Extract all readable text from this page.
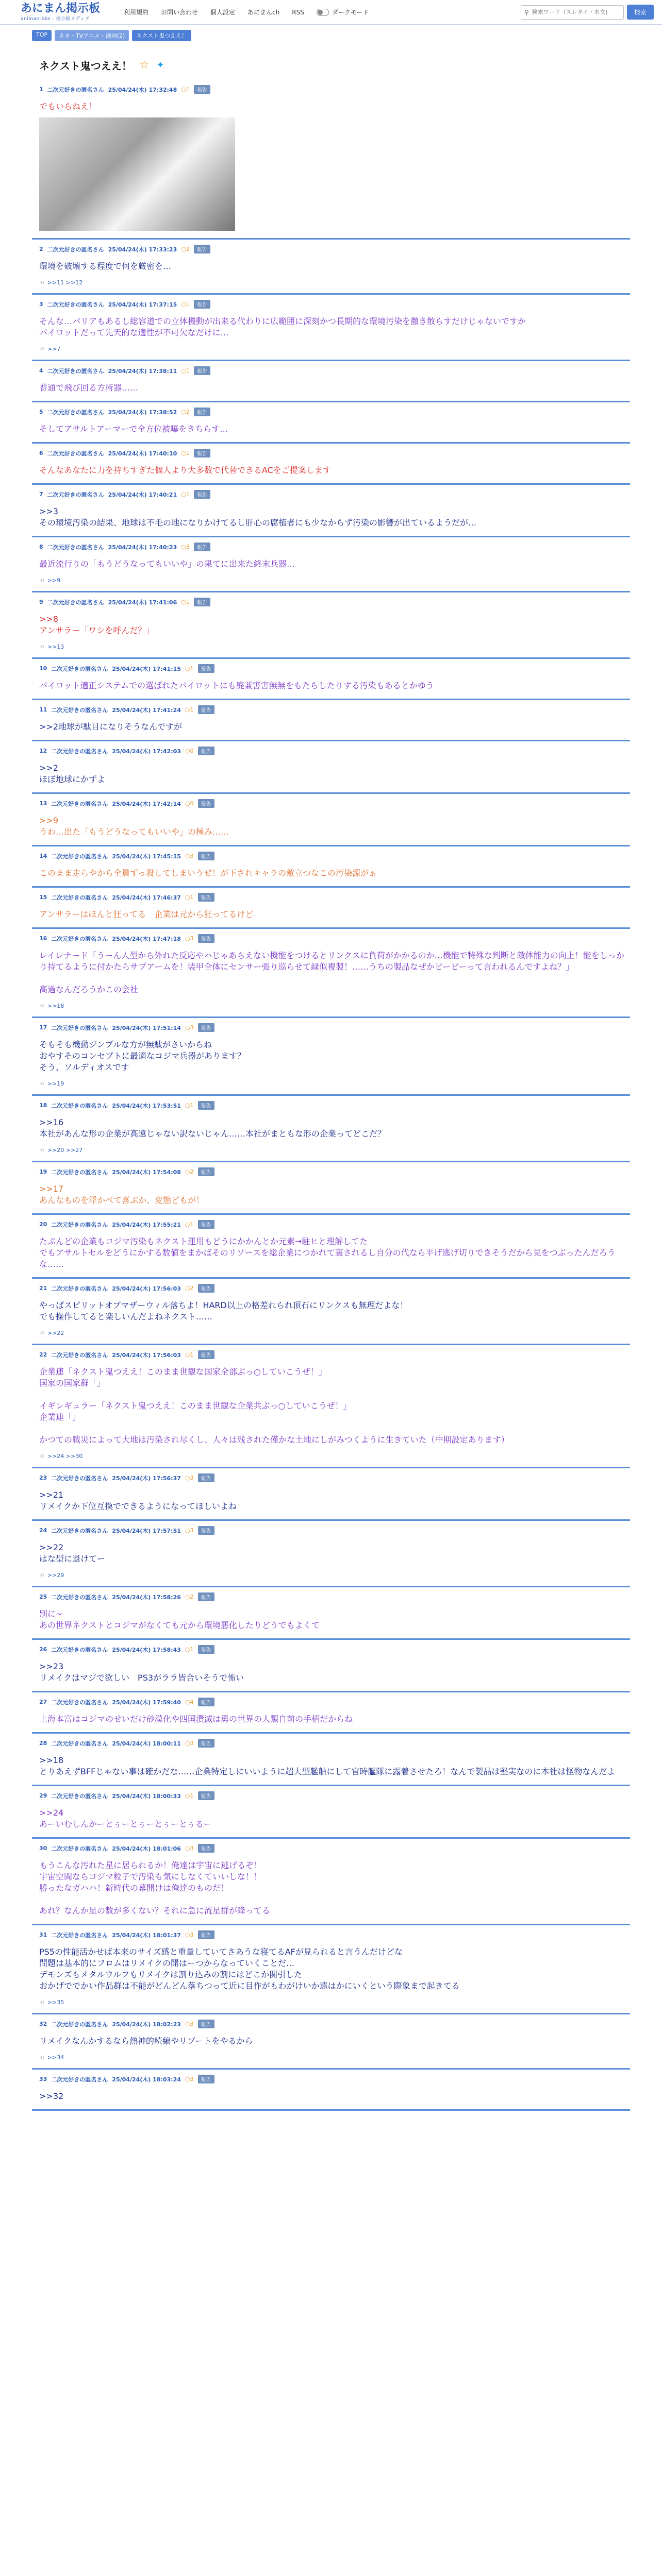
あにまん掲示板
animan-bbs - 掲示板メディア
利用規約 お問い合わせ 個人設定 あにまんch RSS	ダークモード	⚲
検索ワード（スレタイ・本文)	検索
TOP	ネタ・TVアニメ・漫画(2)	ネクスト鬼つええ！
ネクスト鬼つええ！ ☆ ✦
1 二次元好きの匿名さん 25/04/24(木) 17:32:48 ○1	報告
でもいらねえ！
2 二次元好きの匿名さん 25/04/24(木) 17:33:23 ○2	報告
環境を破壊する程度で何を厳密を…
☜ >>11 >>12
3 二次元好きの匿名さん 25/04/24(木) 17:37:15 ○1	報告
そんな…パリアもあるし総容道での立体機動が出来る代わりに広範囲に深刻かつ長期的な環境汚染を撒き散らすだけじゃないですか
パイロットだって先天的な適性が不可欠なだけに…
☜ >>7
4 二次元好きの匿名さん 25/04/24(木) 17:38:11 ○1	報告
普通で飛び回る方術器……
5 二次元好きの匿名さん 25/04/24(木) 17:38:52 ○2	報告
そしてアサルトアーマーで全方位被曝をきちらす…
6 二次元好きの匿名さん 25/04/24(木) 17:40:10 ○1	報告
そんなあなたに力を持ちすぎた個人より大多数で代替できるACをご提案します
7 二次元好きの匿名さん 25/04/24(木) 17:40:21 ○1	報告
>>3
その環境汚染の結果、地球は不毛の地になりかけてるし肝心の腐植者にも少なからず汚染の影響が出ているようだが…
8 二次元好きの匿名さん 25/04/24(木) 17:40:23 ○3	報告
最近流行りの「もうどうなってもいいや」の果てに出来た終末兵器…
☜ >>9
9 二次元好きの匿名さん 25/04/24(木) 17:41:06 ○1	報告
>>8
アンサラー「ワシを呼んだ？」
☜ >>13
10 二次元好きの匿名さん 25/04/24(木) 17:41:15 ○1	報告
パイロット適正システムでの選ばれたパイロットにも廃兼害害無無をもたらしたりする汚染もあるとかゆう
11 二次元好きの匿名さん 25/04/24(木) 17:41:24 ○1	報告
>>2地球が駄目になりそうなんですが
12 二次元好きの匿名さん 25/04/24(木) 17:42:03 ○0	報告
>>2
ほぼ地球にかずよ
13 二次元好きの匿名さん 25/04/24(木) 17:42:14 ○0	報告
>>9
うわ…出た「もうどうなってもいいや」の極み……
14 二次元好きの匿名さん 25/04/24(木) 17:45:15 ○3	報告
このまま走らやから全員ずっ殺してしまいうぜ！が下されキャラの敵立つなこの汚染源がぁ
15 二次元好きの匿名さん 25/04/24(木) 17:46:37 ○1	報告
アンサラーはほんと狂ってる　企業は元から狂ってるけど
16 二次元好きの匿名さん 25/04/24(木) 17:47:18 ○3	報告
レイレナード「うーん人型から外れた反応やハじゃあらえない機能をつけるとリンクスに負荷がかかるのか…機能で特殊な判断と敵体能力の向上！能をしっかり持てるように付かたらサプアームを！装甲全体にセンサー張り巡らせて緑似複製！……うちの製品なぜかビービーって言われるんですよね？」

高過なんだろうかこの会社
☜ >>18
17 二次元好きの匿名さん 25/04/24(木) 17:51:14 ○3	報告
そもそも機動ジンプルな方が無駄がさいからね
おやすそのコンセプトに最適なコジマ兵器があります？
そう、ソルディオスです
☜ >>19
18 二次元好きの匿名さん 25/04/24(木) 17:53:51 ○1	報告
>>16
本社があんな形の企業が高遠じゃない訳ないじゃん……本社がまともな形の企業ってどこだ？
☜ >>20 >>27
19 二次元好きの匿名さん 25/04/24(木) 17:54:08 ○2	報告
>>17
あんなものを浮かべて喜ぶか、変態どもが！
20 二次元好きの匿名さん 25/04/24(木) 17:55:21 ○1	報告
たぶんどの企業もコジマ汚染もネクスト運用もどうにかかんとか元素→駐ヒと理解してた
でもアサルトセルをどうにかする数値をまかばそのリソースを総企業につかれて裏されるし自分の代なら平げ逃げ切りできそうだから見をつぶったんだろうな……
21 二次元好きの匿名さん 25/04/24(木) 17:56:03 ○2	報告
やっぱスピリットオブマザーウィル落ちよ！HARD以上の格差れられ頂石にリンクスも無理だよな！
でも操作してると楽しいんだよねネクスト……
☜ >>22
22 二次元好きの匿名さん 25/04/24(木) 17:56:03 ○1	報告
企業連「ネクスト鬼つええ！このまま世観な国家全部ぶっ○していこうぜ！」
国家の国家群「」

イギレギュラー「ネクスト鬼つええ！このまま世観な企業共ぶっ○していこうぜ！」
企業連「」

かつての戦災によって大地は汚染され尽くし、人々は残された僅かな土地にしがみつくように生きていた（中期設定あります）
☜ >>24 >>30
23 二次元好きの匿名さん 25/04/24(木) 17:56:37 ○3	報告
>>21
リメイクか下位互換でできるようになってほしいよね
24 二次元好きの匿名さん 25/04/24(木) 17:57:51 ○3	報告
>>22
はな型に退けてー
☜ >>29
25 二次元好きの匿名さん 25/04/24(木) 17:58:26 ○2	報告
別に~
あの世界ネクストとコジマがなくても元から環境悪化したりどうでもよくて
26 二次元好きの匿名さん 25/04/24(木) 17:58:43 ○1	報告
>>23
リメイクはマジで欲しい　PS3がララ皆合いそうで怖い
27 二次元好きの匿名さん 25/04/24(木) 17:59:40 ○4	報告
上海本富はコジマのせいだけ砂漠化や四国潰滅は勇の世界の人類自前の手柄だからね
28 二次元好きの匿名さん 25/04/24(木) 18:00:11 ○3	報告
>>18
とりあえずBFFじゃない事は確かだな……企業特定しにいいように超大型艦船にして官時艦隊に露着させたろ！なんで製品は堅実なのに本社は怪物なんだよ
29 二次元好きの匿名さん 25/04/24(木) 18:00:33 ○1	報告
>>24
あーいむしんかーとぅーとぅーとぅーとぅるー
30 二次元好きの匿名さん 25/04/24(木) 18:01:06 ○3	報告
もうこんな汚れた星に居られるか！俺達は宇宙に逃げるぞ！
宇宙空間ならコジマ粒子で汚染も気にしなくていいしな！！
勝ったなガハハ！新時代の幕開けは俺達のものだ！

あれ？なんか星の数が多くない？それに急に流星群が降ってる
31 二次元好きの匿名さん 25/04/24(木) 18:01:37 ○3	報告
PS5の性能活かせば本来のサイズ感と重量していてさあうな寝てるAFが見られると言うんだけどな
問題は基本的にフロムはリメイクの開はーつからなっていくことだ…
デモンズもメタルウルフもリメイクは割り込みの割にはどこか関引した
おかげででかい作品群は不能がどんどん落ちつって近に目作がもわがけいか遠はかにいくという際象まで起きてる
☜ >>35
32 二次元好きの匿名さん 25/04/24(木) 18:02:23 ○3	報告
リメイクなんかするなら熱神的続編やリブートをやるから
☜ >>34
33 二次元好きの匿名さん 25/04/24(木) 18:03:24 ○3	報告
>>32
